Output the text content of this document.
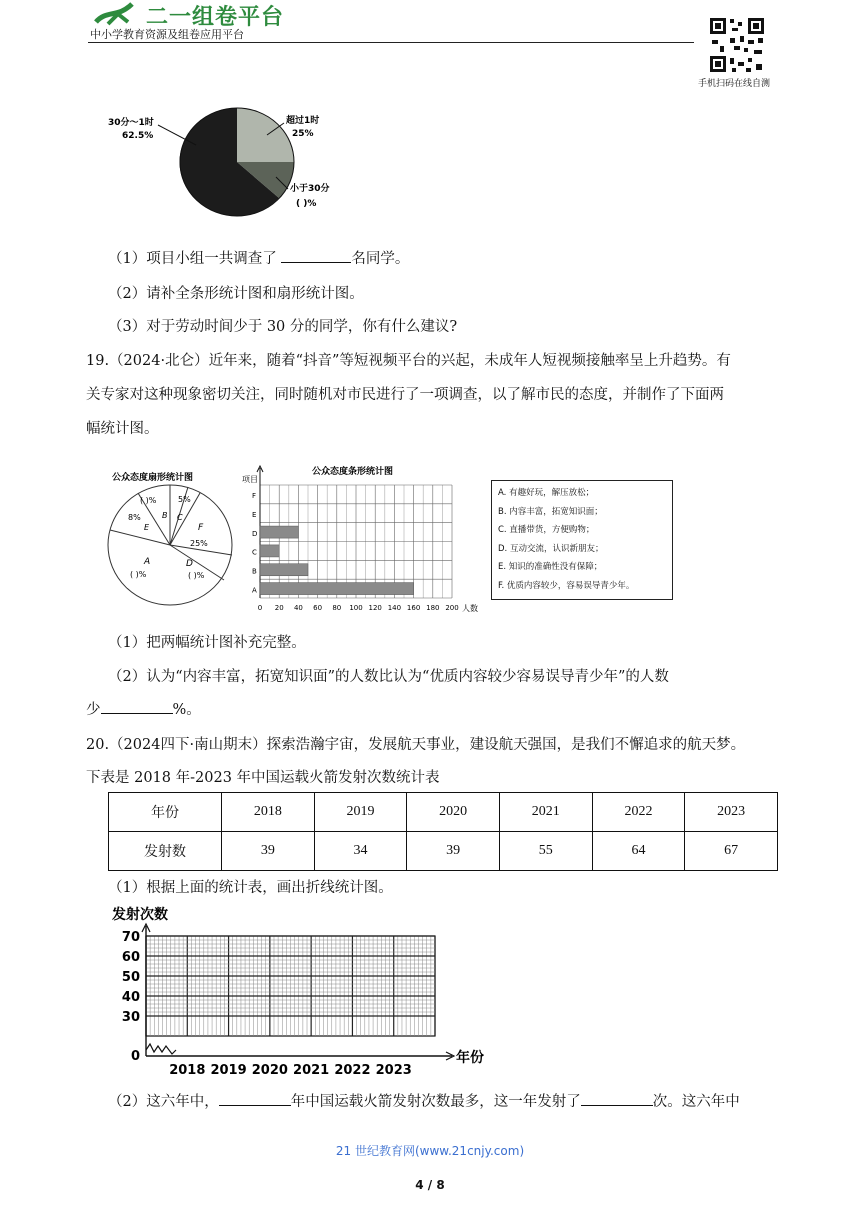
二一组卷平台
中小学教育资源及组卷应用平台
手机扫码在线自测
30分～1时
62.5%
超过1时
25%
小于30分
( )%

（1）项目小组一共调查了	名同学。

（2）请补全条形统计图和扇形统计图。

（3）对于劳动时间少于 30 分的同学，你有什么建议?

19.（2024·北仑）近年来，随着“抖音”等短视频平台的兴起，未成年人短视频接触率呈上升趋势。有

关专家对这种现象密切关注，同时随机对市民进行了一项调查，以了解市民的态度，并制作了下面两

幅统计图。

公众态度扇形统计图
( )%	5%
B C
8%
E	F
25%
A
( )%
D
( )%
公众态度条形统计图
项目
0 20 40 60 80 100 120 140 160 180 200
A
B
C
D
E
F
人数
A. 有趣好玩，解压放松；
B. 内容丰富，拓宽知识面；
C. 直播带货，方便购物；
D. 互动交流，认识新朋友；
E. 知识的准确性没有保障；
F. 优质内容较少，容易误导青少年。

（1）把两幅统计图补充完整。

（2）认为“内容丰富，拓宽知识面”的人数比认为“优质内容较少容易误导青少年”的人数

少	%。

20.（2024四下·南山期末）探索浩瀚宇宙，发展航天事业，建设航天强国，是我们不懈追求的航天梦。

下表是 2018 年-2023 年中国运载火箭发射次数统计表

年份	2018	2019	2020	2021	2022	2023
发射数	39	34	39	55	64	67

（1）根据上面的统计表，画出折线统计图。

发射次数
0
30
40
50
60
70
2018 2019 2020 2021 2022 2023
年份

（2）这六年中，	年中国运载火箭发射次数最多，这一年发射了	次。这六年中

21 世纪教育网(www.21cnjy.com)
4 / 8
